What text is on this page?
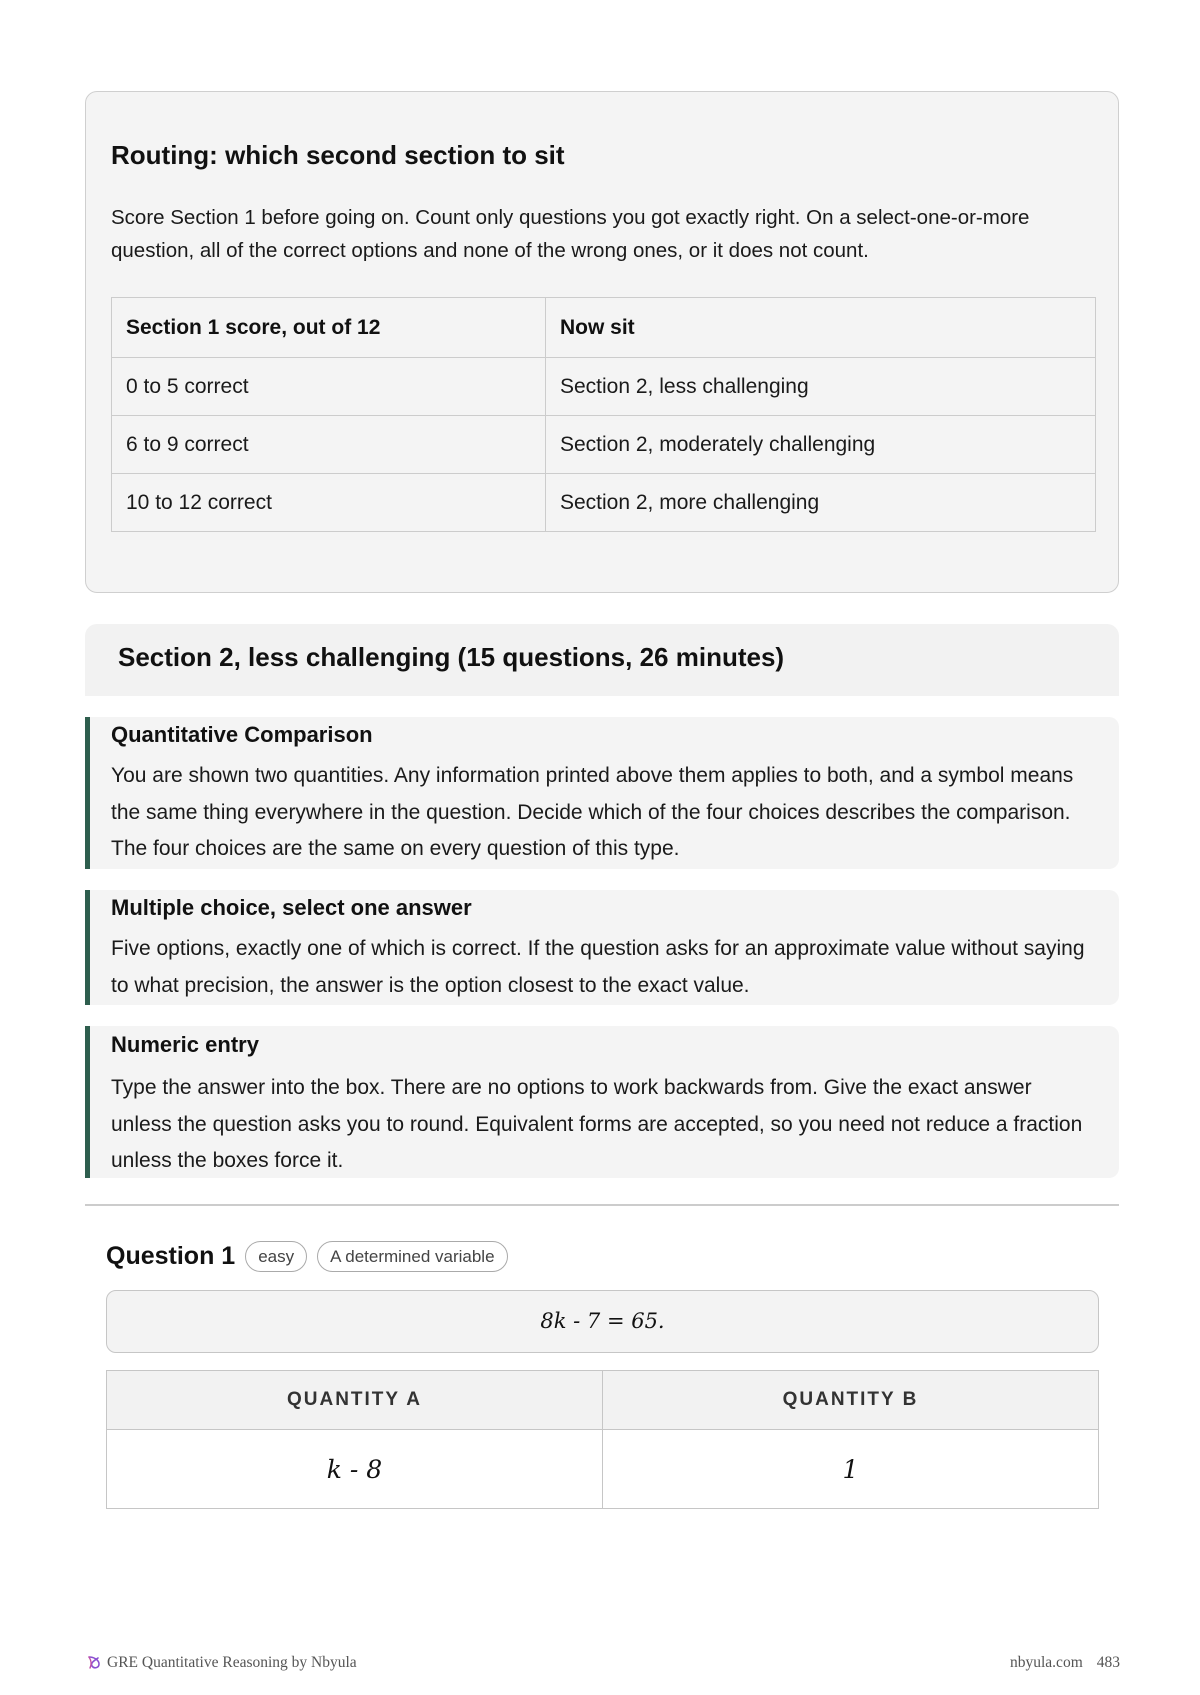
Routing: which second section to sit

Score Section 1 before going on. Count only questions you got exactly right. On a select-one-or-more question, all of the correct options and none of the wrong ones, or it does not count.

Section 1 score, out of 12	Now sit
0 to 5 correct	Section 2, less challenging
6 to 9 correct	Section 2, moderately challenging
10 to 12 correct	Section 2, more challenging
Section 2, less challenging (15 questions, 26 minutes)
Quantitative Comparison

You are shown two quantities. Any information printed above them applies to both, and a symbol means the same thing everywhere in the question. Decide which of the four choices describes the comparison. The four choices are the same on every question of this type.

Multiple choice, select one answer

Five options, exactly one of which is correct. If the question asks for an approximate value without saying to what precision, the answer is the option closest to the exact value.

Numeric entry

Type the answer into the box. There are no options to work backwards from. Give the exact answer unless the question asks you to round. Equivalent forms are accepted, so you need not reduce a fraction unless the boxes force it.

Question 1	easy	A determined variable
8k - 7 = 65.
QUANTITY A	QUANTITY B
k - 8	1
GRE Quantitative Reasoning by Nbyula	nbyula.com 483
